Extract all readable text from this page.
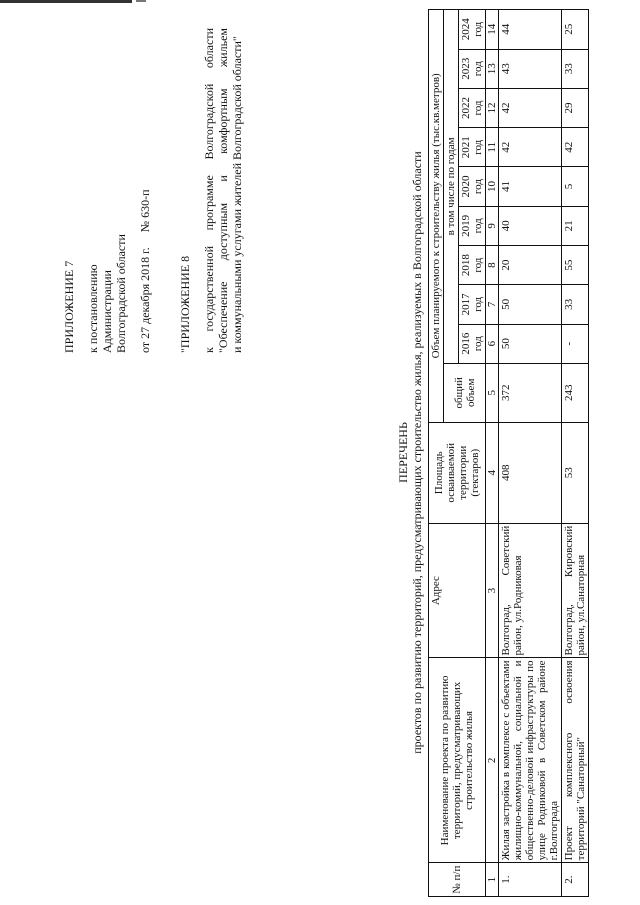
ПРИЛОЖЕНИЕ 7 к постановлению Администрации Волгоградской области от 27 декабря 2018 г.     № 630-п "ПРИЛОЖЕНИЕ 8 к государственной программе Волгоградской области "Обеспечение доступным и комфортным жильем и коммунальными услугами жителей Волгоградской области"
ПЕРЕЧЕНЬ проектов по развитию территорий, предусматривающих строительство жилья, реализуемых в Волгоградской области
№ п/п	Наименование проекта по развитию территорий, предусматривающих строительство жилья	Адрес	Площадь осваиваемой территории (гектаров)	Объем планируемого к строительству жилья (тыс.кв.метров)									
				общий объем	в том числе по годам								
					2016 год	2017 год	2018 год	2019 год	2020 год	2021 год	2022 год	2023 год	2024 год
1	2	3	4	5	6	7	8	9	10	11	12	13	14
1.	Жилая застройка в комплексе с объектами жилищно-коммунальной, социальной и общественно-деловой инфраструктуры по улице Родниковой в Советском районе г.Волгограда	Волгоград, Советский район, ул.Родниковая	408	372	50	50	20	40	41	42	42	43	44
2.	Проект комплексного освоения территорий "Санаторный"	Волгоград, Кировский район, ул.Санаторная	53	243	-	33	55	21	5	42	29	33	25
